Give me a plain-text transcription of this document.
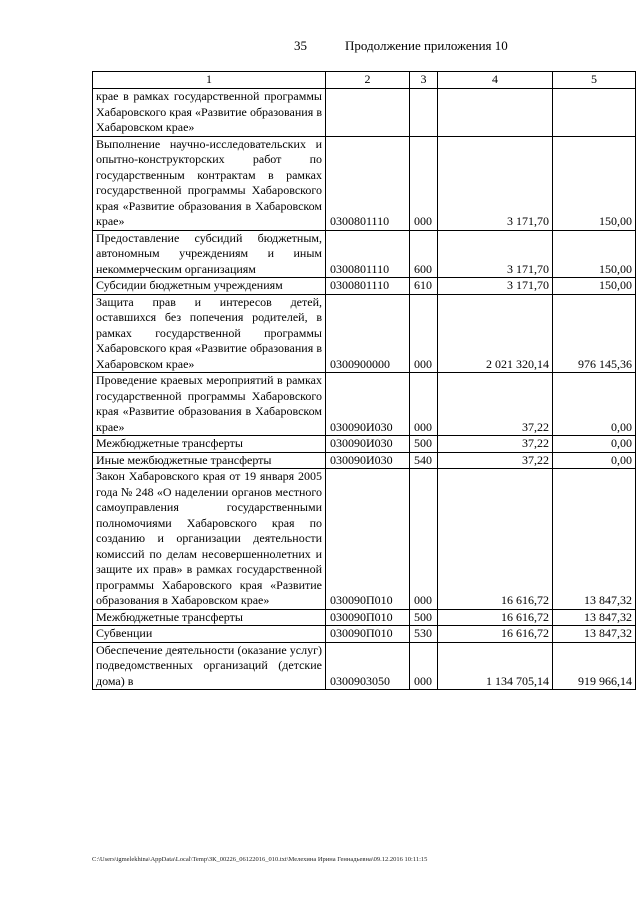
35	Продолжение приложения 10
1	2	3	4	5
крае в рамках государственной программы Хабаровского края «Развитие образования в Хабаровском крае»				
Выполнение научно-исследовательских и опытно-конструкторских работ по государственным контрактам в рамках государственной программы Хабаровского края «Развитие образования в Хабаровском крае»	0300801110	000	3 171,70	150,00
Предоставление субсидий бюджетным, автономным учреждениям и иным некоммерческим организациям	0300801110	600	3 171,70	150,00
Субсидии бюджетным учреждениям	0300801110	610	3 171,70	150,00
Защита прав и интересов детей, оставшихся без попечения родителей, в рамках государственной программы Хабаровского края «Развитие образования в Хабаровском крае»	0300900000	000	2 021 320,14	976 145,36
Проведение краевых мероприятий в рамках государственной программы Хабаровского края «Развитие образования в Хабаровском крае»	030090И030	000	37,22	0,00
Межбюджетные трансферты	030090И030	500	37,22	0,00
Иные межбюджетные трансферты	030090И030	540	37,22	0,00
Закон Хабаровского края от 19 января 2005 года № 248 «О наделении органов местного самоуправления государственными полномочиями Хабаровского края по созданию и организации деятельности комиссий по делам несовершеннолетних и защите их прав» в рамках государственной программы Хабаровского края «Развитие образования в Хабаровском крае»	030090П010	000	16 616,72	13 847,32
Межбюджетные трансферты	030090П010	500	16 616,72	13 847,32
Субвенции	030090П010	530	16 616,72	13 847,32
Обеспечение деятельности (оказание услуг) подведомственных организаций (детские дома) в	0300903050	000	1 134 705,14	919 966,14
C:\Users\igmelekhina\AppData\Local\Temp\ЗК_00226_06122016_010.txt\Мелехина Ирина Геннадьевна\09.12.2016 10:11:15
